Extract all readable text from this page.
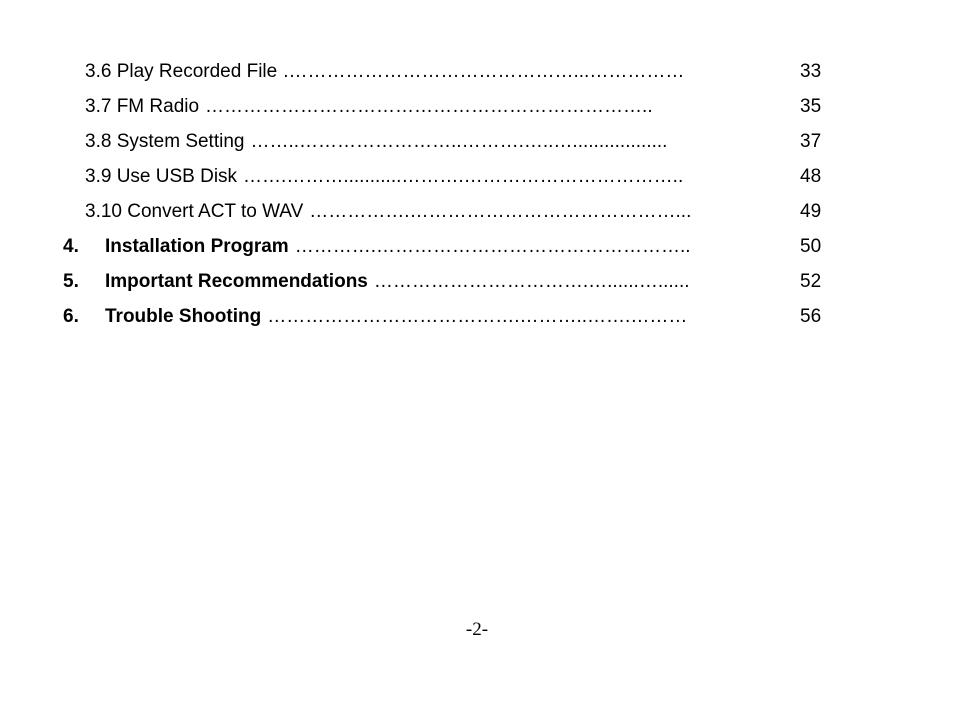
3.6 Play Recorded File .………………………………………...……………	33
3.7 FM Radio ……………………………………………………………..	35
3.8 System Setting ……..……………………..……….…..…..................	37
3.9 Use USB Disk …….………...........……….……………………………..	48
3.10 Convert ACT to WAV …………….……………………………………...	49
4. Installation Program ………….…………………………………………..	50
5. Important Recommendations …………………………….…......…......	52
6. Trouble Shooting ………………………………….………..…….………	56
-2-
